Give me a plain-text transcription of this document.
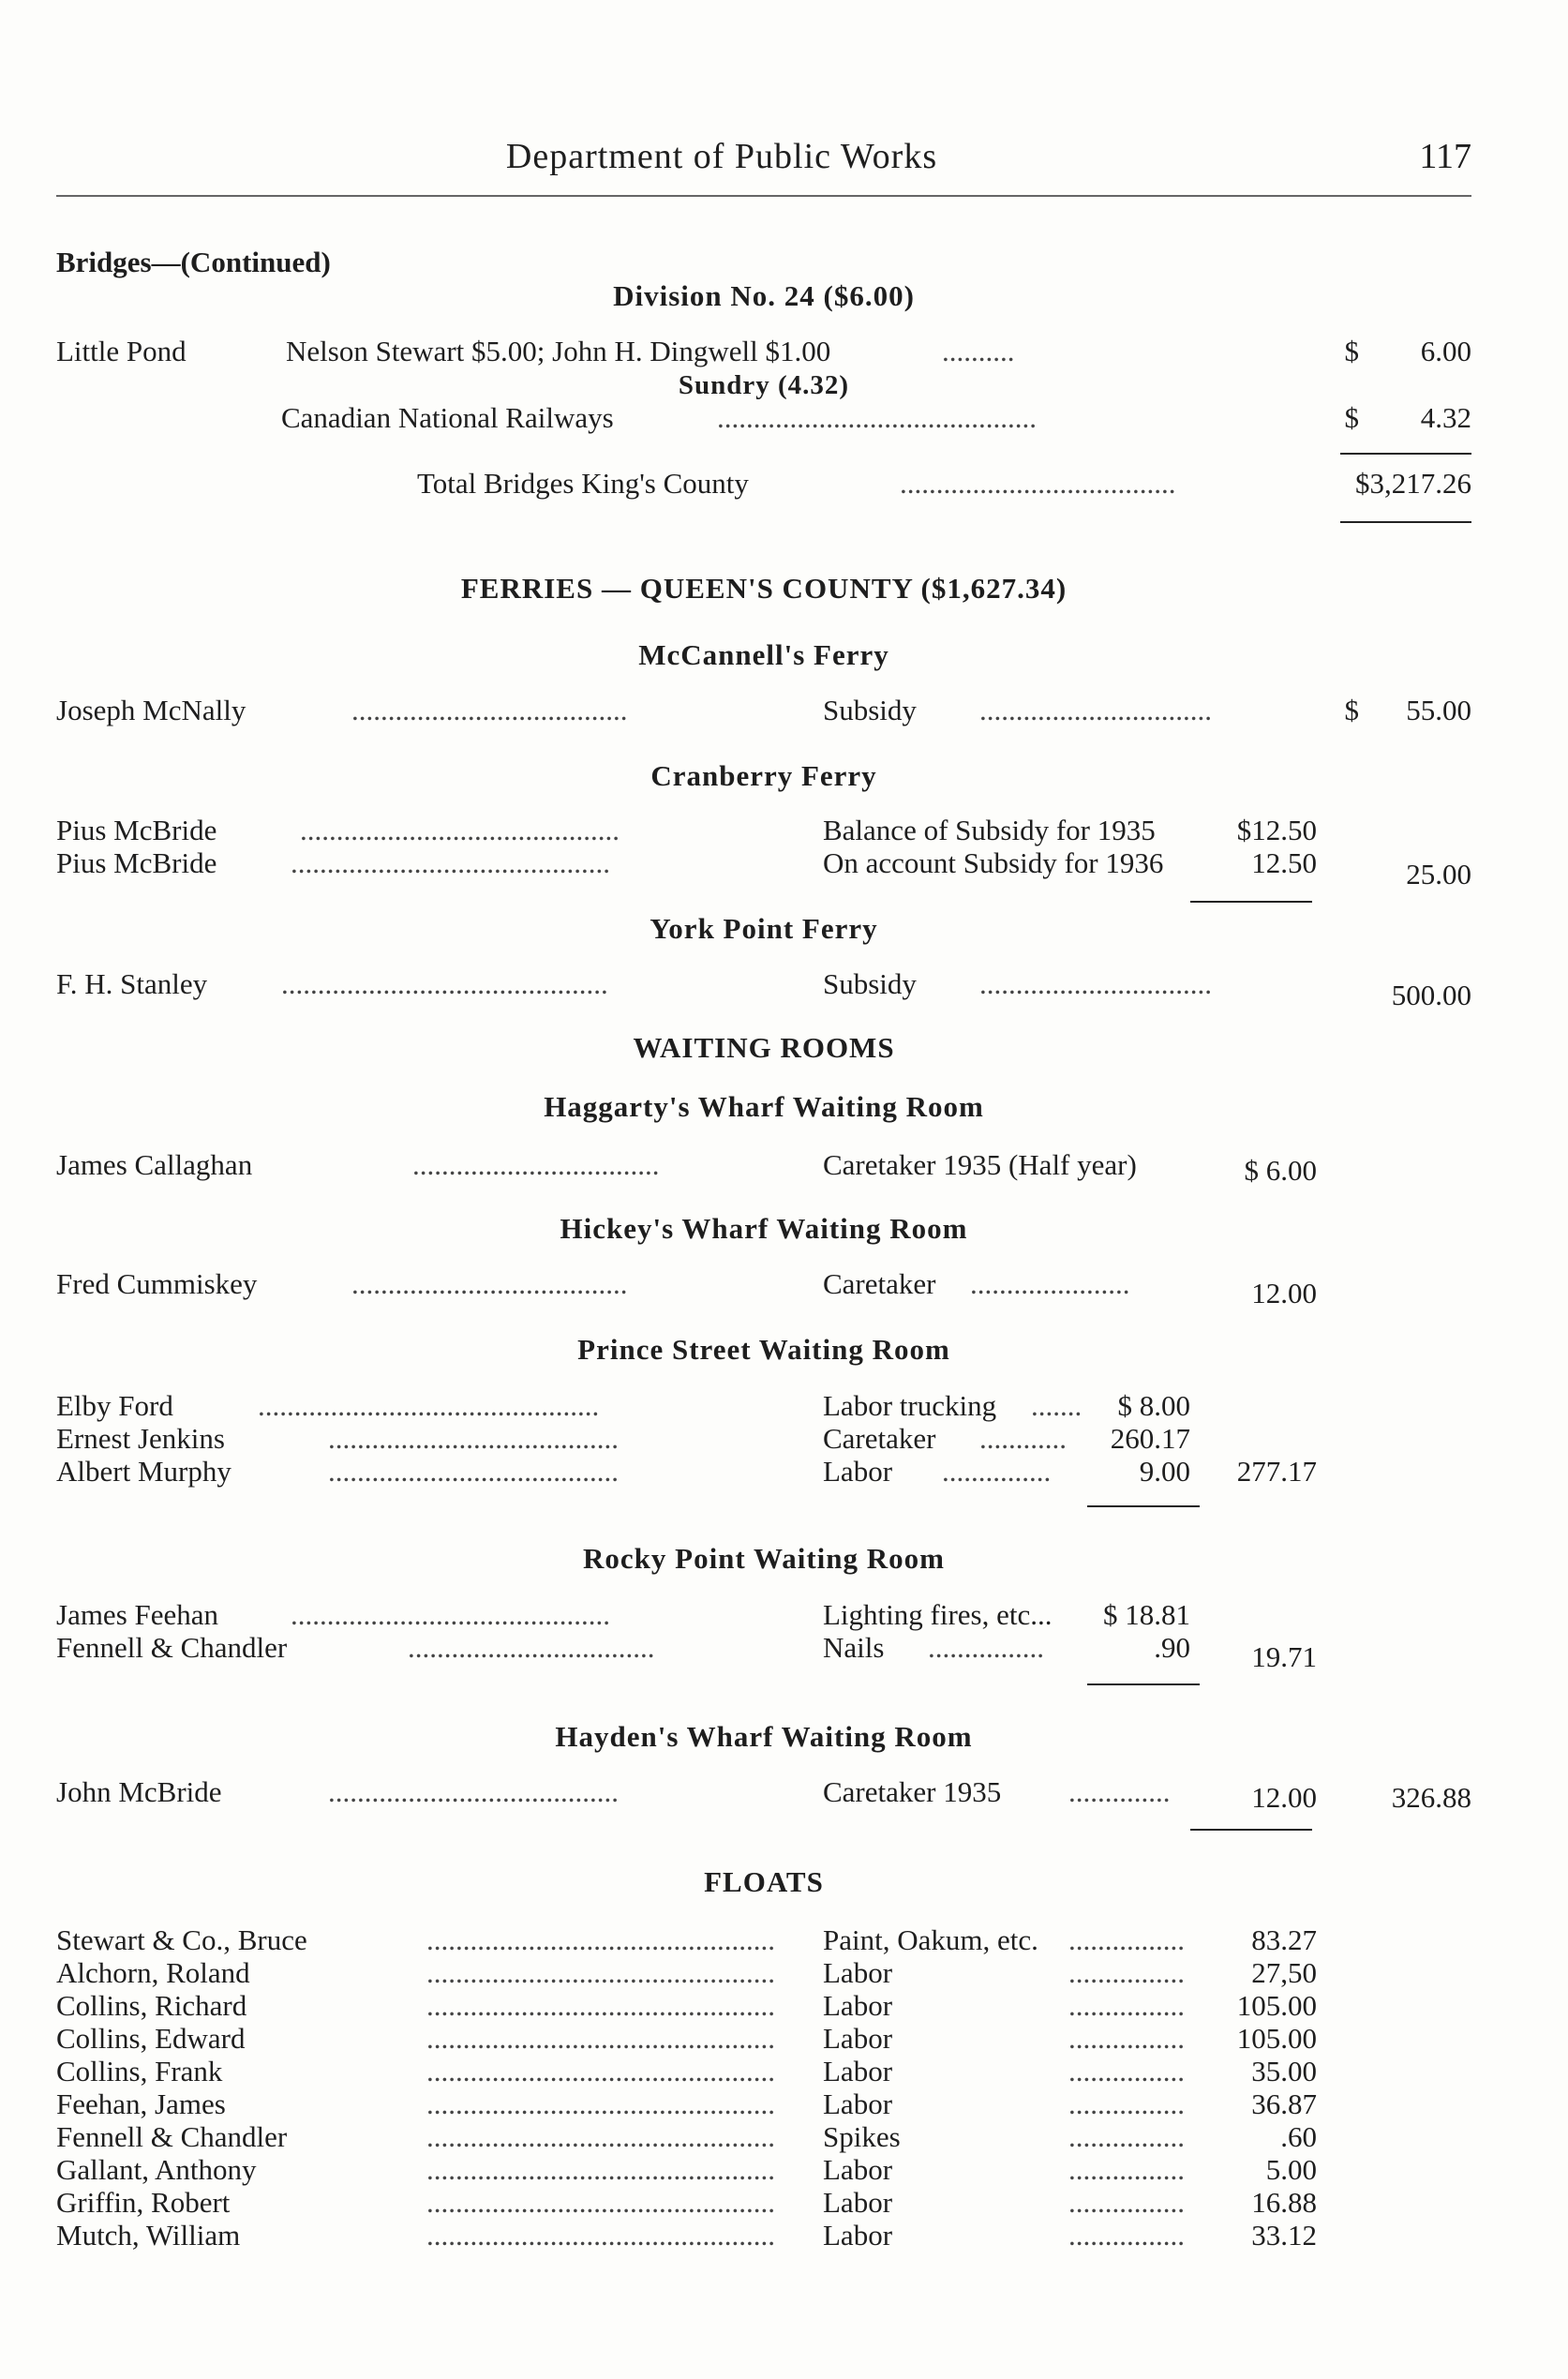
Department of Public Works	117
Bridges—(Continued)
Division No. 24 ($6.00)
Little Pond	Nelson Stewart $5.00; John H. Dingwell $1.00	..........	$	6.00
Sundry (4.32)
Canadian National Railways	............................................	$	4.32
Total Bridges King's County	......................................	$3,217.26
FERRIES — QUEEN'S COUNTY ($1,627.34)
McCannell's Ferry
Joseph McNally	......................................	Subsidy ................................	$	55.00
Cranberry Ferry
Pius McBride	............................................	Balance of Subsidy for 1935	$12.50
Pius McBride	............................................	On account Subsidy for 1936	12.50	25.00
York Point Ferry
F. H. Stanley	.............................................	Subsidy ................................	500.00
WAITING ROOMS
Haggarty's Wharf Waiting Room
James Callaghan	..................................	Caretaker 1935 (Half year)	$ 6.00
Hickey's Wharf Waiting Room
Fred Cummiskey	......................................	Caretaker ......................	12.00
Prince Street Waiting Room
Elby Ford	...............................................	Labor trucking .......	$ 8.00
Ernest Jenkins	........................................	Caretaker ............	260.17
Albert Murphy	........................................	Labor ...............	9.00	277.17
Rocky Point Waiting Room
James Feehan ............................................	Lighting fires, etc...	$ 18.81
Fennell & Chandler	..................................	Nails ................	.90	19.71
Hayden's Wharf Waiting Room
John McBride	........................................	Caretaker 1935 ..............	12.00	326.88
FLOATS
Stewart & Co., Bruce	................................................	Paint, Oakum, etc. ................	83.27
Alchorn, Roland	................................................	Labor	................	27,50
Collins, Richard	................................................	Labor	................	105.00
Collins, Edward	................................................	Labor	................	105.00
Collins, Frank	................................................	Labor	................	35.00
Feehan, James	................................................	Labor	................	36.87
Fennell & Chandler	................................................	Spikes	................	.60
Gallant, Anthony	................................................	Labor	................	5.00
Griffin, Robert	................................................	Labor	................	16.88
Mutch, William	................................................	Labor	................	33.12
